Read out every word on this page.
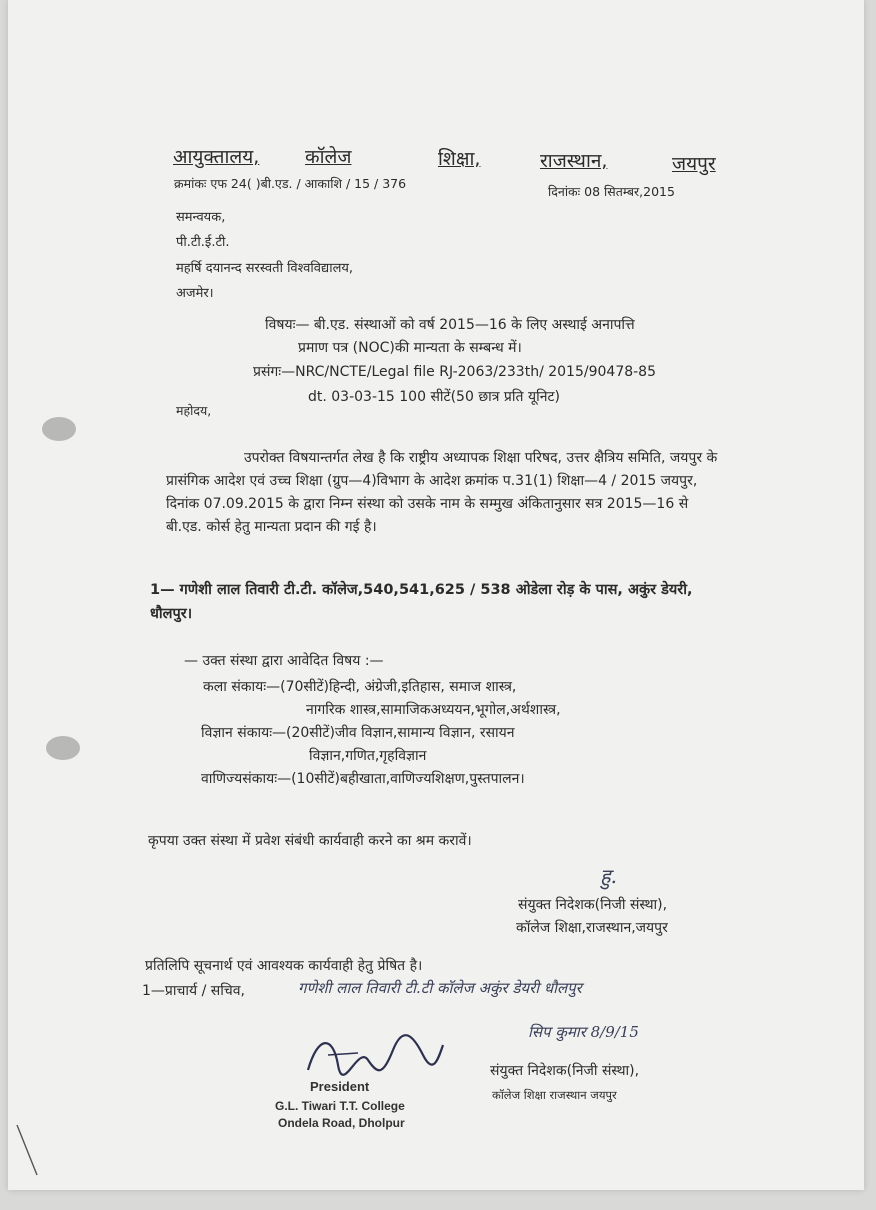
आयुक्तालय, कॉलेज	शिक्षा,	राजस्थान,	जयपुर
क्रमांकः एफ 24( )बी.एड. / आकाशि / 15 / 376
दिनांकः 08 सितम्बर,2015
समन्वयक,
पी.टी.ई.टी.
महर्षि दयानन्द सरस्वती विश्वविद्यालय,
अजमेर।
विषयः— बी.एड. संस्थाओं को वर्ष 2015—16 के लिए अस्थाई अनापत्ति
प्रमाण पत्र (NOC)की मान्यता के सम्बन्ध में।
प्रसंगः—NRC/NCTE/Legal file RJ-2063/233th/ 2015/90478-85
dt. 03-03-15 100 सीटें(50 छात्र प्रति यूनिट)
महोदय,
उपरोक्त विषयान्तर्गत लेख है कि राष्ट्रीय अध्यापक शिक्षा परिषद, उत्तर क्षैत्रिय समिति, जयपुर के प्रासंगिक आदेश एवं उच्च शिक्षा (ग्रुप—4)विभाग के आदेश क्रमांक प.31(1) शिक्षा—4 / 2015 जयपुर, दिनांक 07.09.2015 के द्वारा निम्न संस्था को उसके नाम के सम्मुख अंकितानुसार सत्र 2015—16 से बी.एड. कोर्स हेतु मान्यता प्रदान की गई है।
1— गणेशी लाल तिवारी टी.टी. कॉलेज,540,541,625 / 538 ओडेला रोड़ के पास, अकुंर डेयरी, धौलपुर।
— उक्त संस्था द्वारा आवेदित विषय :—
कला संकायः—(70सीटें)हिन्दी, अंग्रेजी,इतिहास, समाज शास्त्र,
नागरिक शास्त्र,सामाजिकअध्ययन,भूगोल,अर्थशास्त्र,
विज्ञान संकायः—(20सीटें)जीव विज्ञान,सामान्य विज्ञान, रसायन
विज्ञान,गणित,गृहविज्ञान
वाणिज्यसंकायः—(10सीटें)बहीखाता,वाणिज्यशिक्षण,पुस्तपालन।
कृपया उक्त संस्था में प्रवेश संबंधी कार्यवाही करने का श्रम करावें।
हु.
संयुक्त निदेशक(निजी संस्था),
कॉलेज शिक्षा,राजस्थान,जयपुर
प्रतिलिपि सूचनार्थ एवं आवश्यक कार्यवाही हेतु प्रेषित है।
1—प्राचार्य / सचिव,	गणेशी लाल तिवारी टी.टी कॉलेज अकुंर डेयरी धौलपुर
सिप कुमार 8/9/15
संयुक्त निदेशक(निजी संस्था),
कॉलेज शिक्षा राजस्थान जयपुर
President
G.L. Tiwari T.T. College
Ondela Road, Dholpur
